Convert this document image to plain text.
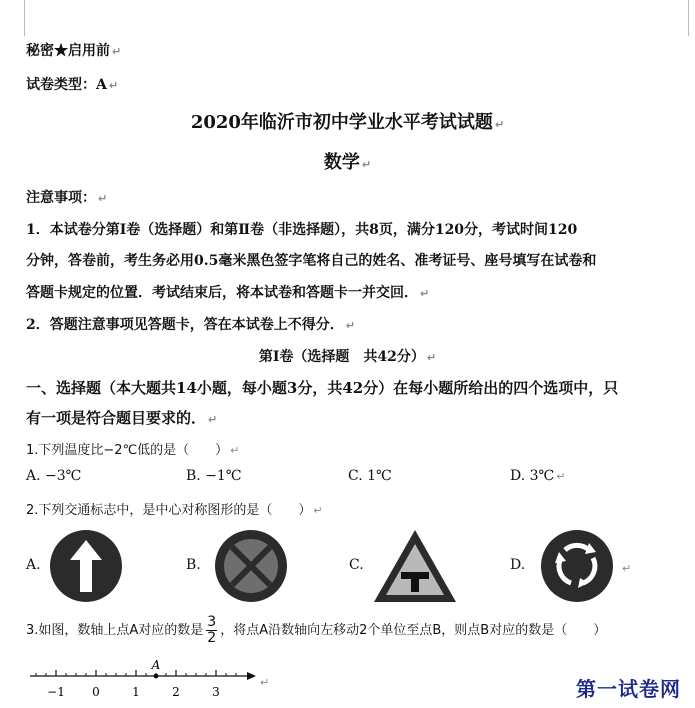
秘密★启用前 ↵
试卷类型：A ↵
2020年临沂市初中学业水平考试试题 ↵
数学 ↵
注意事项： ↵
1．本试卷分第Ⅰ卷（选择题）和第Ⅱ卷（非选择题），共8页，满分120分，考试时间120
分钟，答卷前，考生务必用0.5毫米黑色签字笔将自己的姓名、准考证号、座号填写在试卷和
答题卡规定的位置．考试结束后，将本试卷和答题卡一并交回． ↵
2．答题注意事项见答题卡，答在本试卷上不得分． ↵
第Ⅰ卷（选择题　共42分） ↵
一、选择题（本大题共14小题，每小题3分，共42分）在每小题所给出的四个选项中，只
有一项是符合题目要求的． ↵
1.下列温度比−2℃低的是（　　） ↵
A. −3℃	B. −1℃	C. 1℃	D. 3℃ ↵
2.下列交通标志中，是中心对称图形的是（　　） ↵
A.	B.	C.	D.	↵
3.如图，数轴上点A对应的数是 $\frac{3}{2}$ ，将点A沿数轴向左移动2个单位至点B，则点B对应的数是（　　）
−1 0	1	2	3
A
↵	第一试卷网
